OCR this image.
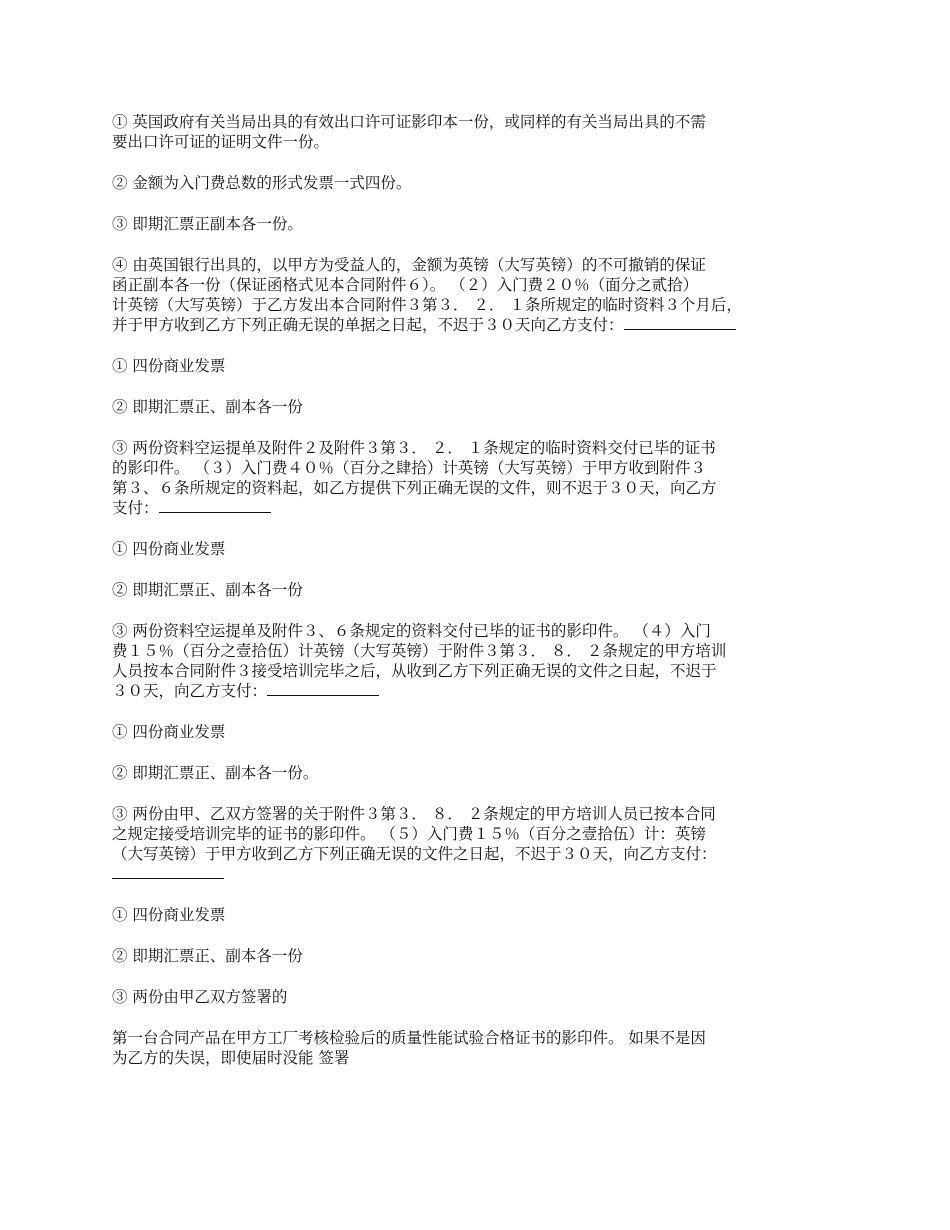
① 英国政府有关当局出具的有效出口许可证影印本一份，或同样的有关当局出具的不需
要出口许可证的证明文件一份。

② 金额为入门费总数的形式发票一式四份。

③ 即期汇票正副本各一份。

④ 由英国银行出具的，以甲方为受益人的，金额为英镑（大写英镑）的不可撤销的保证
函正副本各一份（保证函格式见本合同附件６）。 （２）入门费２０％（面分之贰拾）
计英镑（大写英镑）于乙方发出本合同附件３第３． ２． １条所规定的临时资料３个月后，
并于甲方收到乙方下列正确无误的单据之日起，不迟于３０天向乙方支付：

① 四份商业发票

② 即期汇票正、副本各一份

③ 两份资料空运提单及附件２及附件３第３． ２． １条规定的临时资料交付已毕的证书
的影印件。 （３）入门费４０％（百分之肆拾）计英镑（大写英镑）于甲方收到附件３
第３、６条所规定的资料起，如乙方提供下列正确无误的文件，则不迟于３０天，向乙方
支付：

① 四份商业发票

② 即期汇票正、副本各一份

③ 两份资料空运提单及附件３、６条规定的资料交付已毕的证书的影印件。 （４）入门
费１５％（百分之壹拾伍）计英镑（大写英镑）于附件３第３． ８． ２条规定的甲方培训
人员按本合同附件３接受培训完毕之后，从收到乙方下列正确无误的文件之日起，不迟于
３０天，向乙方支付：

① 四份商业发票

② 即期汇票正、副本各一份。

③ 两份由甲、乙双方签署的关于附件３第３． ８． ２条规定的甲方培训人员已按本合同
之规定接受培训完毕的证书的影印件。 （５）入门费１５％（百分之壹拾伍）计：英镑
（大写英镑）于甲方收到乙方下列正确无误的文件之日起，不迟于３０天，向乙方支付：

① 四份商业发票

② 即期汇票正、副本各一份

③ 两份由甲乙双方签署的

第一台合同产品在甲方工厂考核检验后的质量性能试验合格证书的影印件。 如果不是因
为乙方的失误，即使届时没能 签署
